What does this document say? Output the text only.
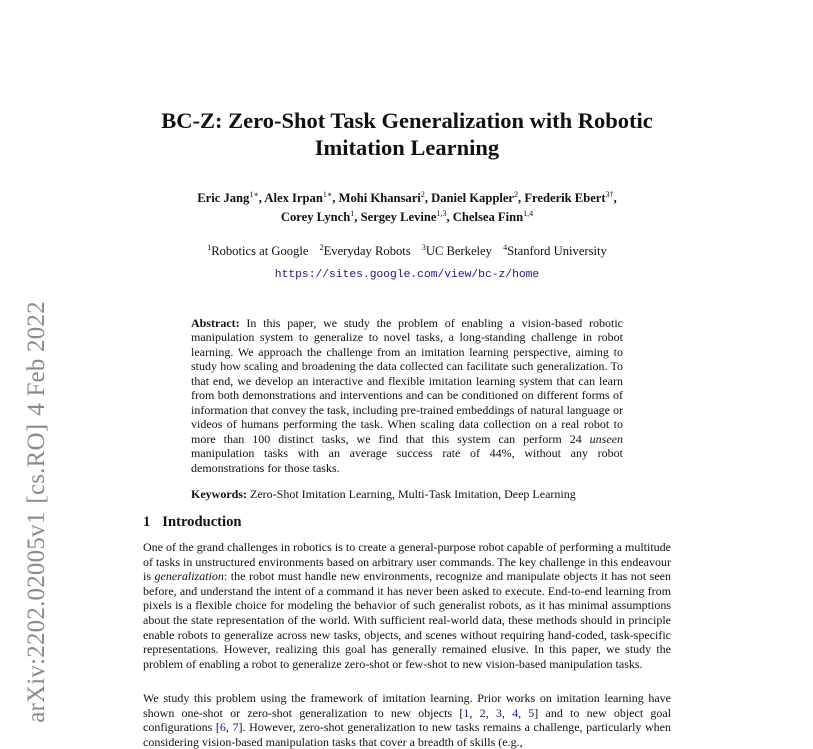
arXiv:2202.02005v1[cs.RO]4 Feb 2022
BC-Z: Zero-Shot Task Generalization with Robotic
Imitation Learning
Eric Jang$^{1∗}$, Alex Irpan$^{1∗}$, Mohi Khansari$^2$, Daniel Kappler$^2$, Frederik Ebert$^{3\dagger}$,
Corey Lynch$^1$, Sergey Levine$^{1,3}$, Chelsea Finn$^{1,4}$
$^1$Robotics at Google $^2$Everyday Robots $^3$UC Berkeley $^4$Stanford University
https://sites.google.com/view/bc-z/home

Abstract: In this paper, we study the problem of enabling a vision-based robotic manipulation system to generalize to novel tasks, a long-standing challenge in robot learning. We approach the challenge from an imitation learning perspective, aiming to study how scaling and broadening the data collected can facilitate such generalization. To that end, we develop an interactive and flexible imitation learning system that can learn from both demonstrations and interventions and can be conditioned on different forms of information that convey the task, including pre-trained embeddings of natural language or videos of humans performing the task. When scaling data collection on a real robot to more than 100 distinct tasks, we find that this system can perform 24 unseen manipulation tasks with an average success rate of 44%, without any robot demonstrations for those tasks.

Keywords: Zero-Shot Imitation Learning, Multi-Task Imitation, Deep Learning

1 Introduction

One of the grand challenges in robotics is to create a general-purpose robot capable of performing a multitude of tasks in unstructured environments based on arbitrary user commands. The key challenge in this endeavour is generalization: the robot must handle new environments, recognize and manipulate objects it has not seen before, and understand the intent of a command it has never been asked to execute. End-to-end learning from pixels is a flexible choice for modeling the behavior of such generalist robots, as it has minimal assumptions about the state representation of the world. With sufficient real-world data, these methods should in principle enable robots to generalize across new tasks, objects, and scenes without requiring hand-coded, task-specific representations. However, realizing this goal has generally remained elusive. In this paper, we study the problem of enabling a robot to generalize zero-shot or few-shot to new vision-based manipulation tasks.

We study this problem using the framework of imitation learning. Prior works on imitation learning have shown one-shot or zero-shot generalization to new objects [1, 2, 3, 4, 5] and to new object goal configurations [6, 7]. However, zero-shot generalization to new tasks remains a challenge, particularly when considering vision-based manipulation tasks that cover a breadth of skills (e.g.,
